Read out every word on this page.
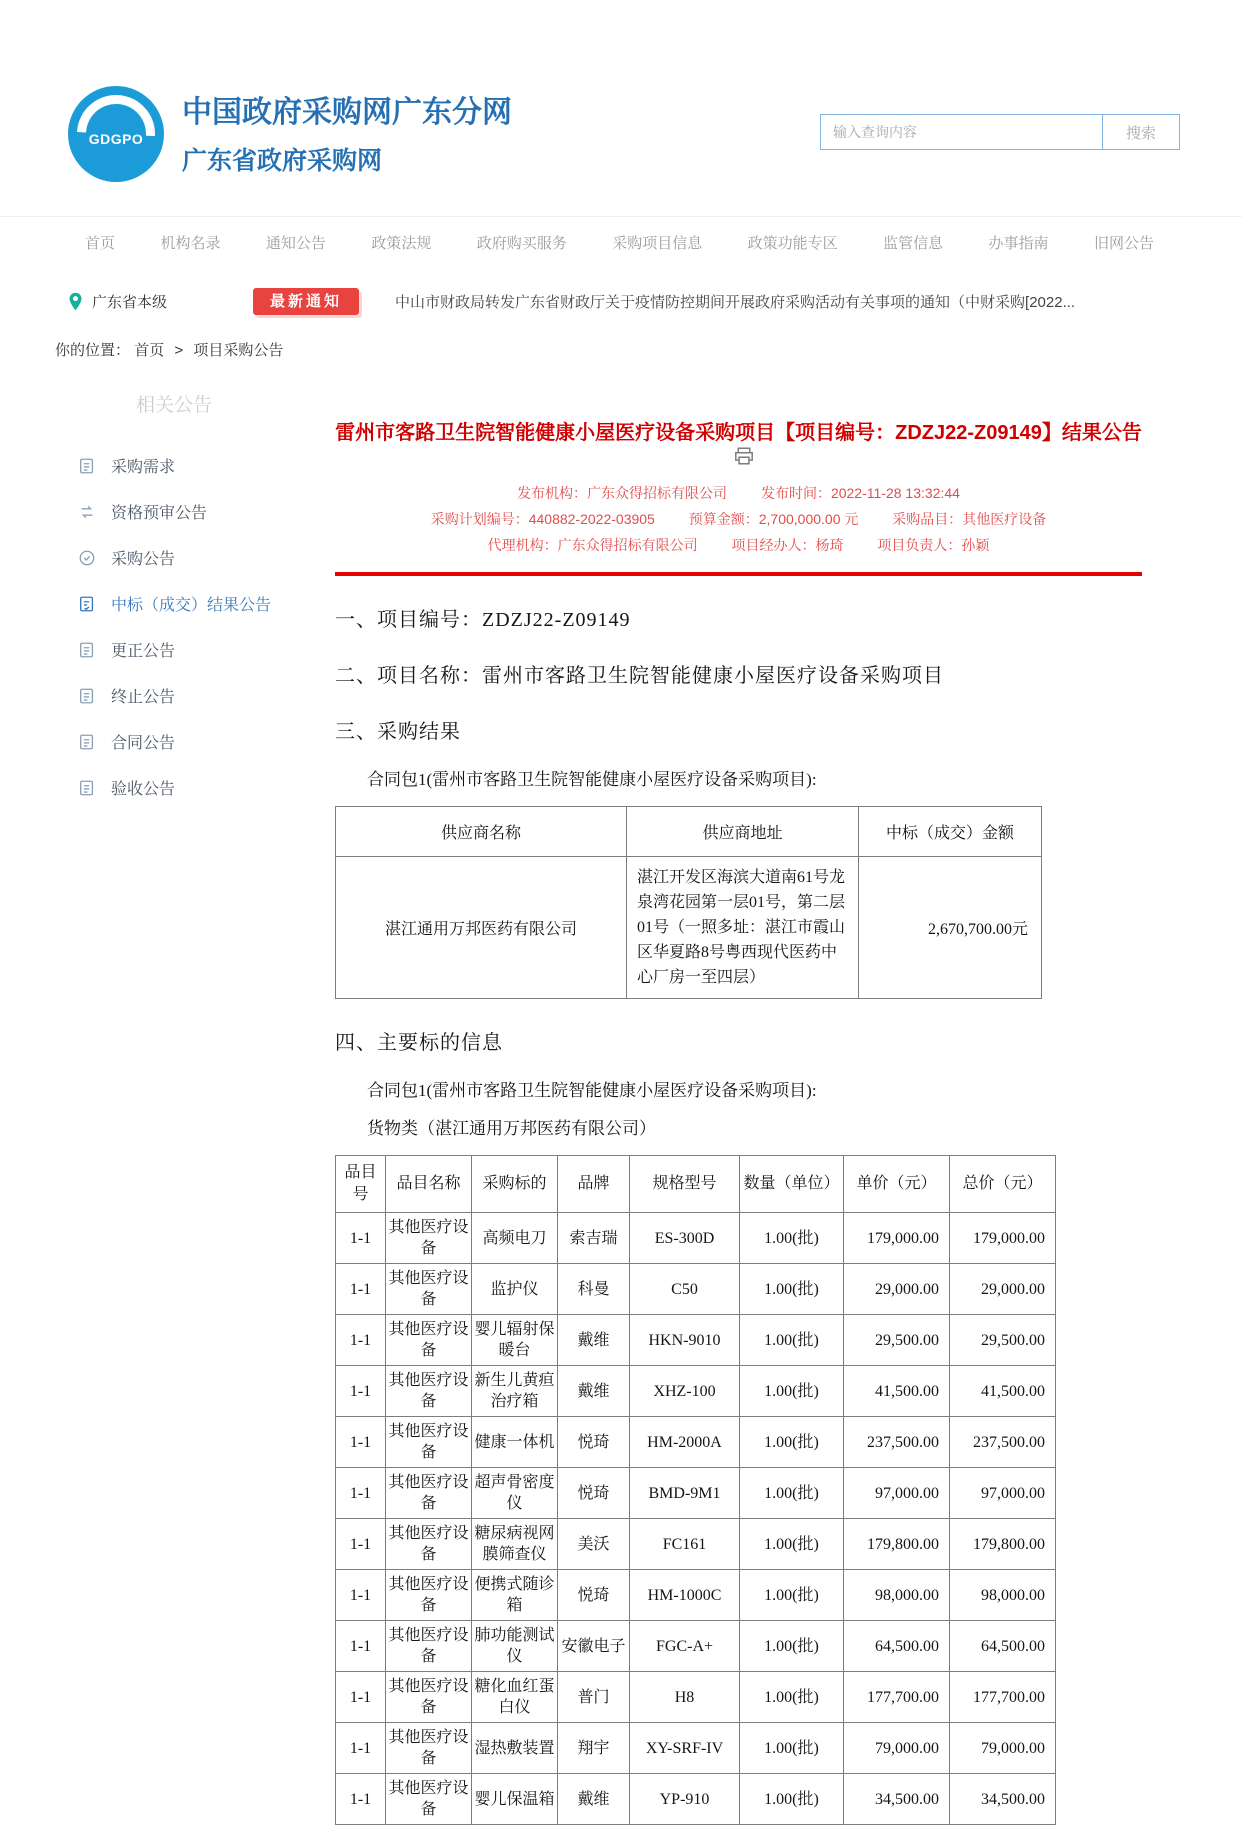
GDGPO
中国政府采购网广东分网
广东省政府采购网
输入查询内容
搜索
首页	机构名录	通知公告	政策法规	政府购买服务	采购项目信息	政策功能专区	监管信息	办事指南	旧网公告
广东省本级	最新通知	中山市财政局转发广东省财政厅关于疫情防控期间开展政府采购活动有关事项的通知（中财采购[2022...
你的位置： 首页 > 项目采购公告
相关公告
采购需求
资格预审公告
采购公告
中标（成交）结果公告
更正公告
终止公告
合同公告
验收公告
雷州市客路卫生院智能健康小屋医疗设备采购项目【项目编号：ZDZJ22-Z09149】结果公告
发布机构：广东众得招标有限公司 发布时间：2022-11-28 13:32:44
采购计划编号：440882-2022-03905 预算金额：2,700,000.00 元 采购品目：其他医疗设备
代理机构：广东众得招标有限公司 项目经办人：杨琦 项目负责人：孙颖
一、项目编号：ZDZJ22-Z09149
二、项目名称：雷州市客路卫生院智能健康小屋医疗设备采购项目
三、采购结果
合同包1(雷州市客路卫生院智能健康小屋医疗设备采购项目):
供应商名称	供应商地址	中标（成交）金额
湛江通用万邦医药有限公司	湛江开发区海滨大道南61号龙泉湾花园第一层01号，第二层01号（一照多址：湛江市霞山区华夏路8号粤西现代医药中心厂房一至四层）	2,670,700.00元
四、主要标的信息
合同包1(雷州市客路卫生院智能健康小屋医疗设备采购项目):
货物类（湛江通用万邦医药有限公司）
品目号	品目名称	采购标的	品牌	规格型号	数量（单位）	单价（元）	总价（元）
1-1	其他医疗设备	高频电刀	索吉瑞	ES-300D	1.00(批)	179,000.00	179,000.00
1-1	其他医疗设备	监护仪	科曼	C50	1.00(批)	29,000.00	29,000.00
1-1	其他医疗设备	婴儿辐射保暖台	戴维	HKN-9010	1.00(批)	29,500.00	29,500.00
1-1	其他医疗设备	新生儿黄疸治疗箱	戴维	XHZ-100	1.00(批)	41,500.00	41,500.00
1-1	其他医疗设备	健康一体机	悦琦	HM-2000A	1.00(批)	237,500.00	237,500.00
1-1	其他医疗设备	超声骨密度仪	悦琦	BMD-9M1	1.00(批)	97,000.00	97,000.00
1-1	其他医疗设备	糖尿病视网膜筛查仪	美沃	FC161	1.00(批)	179,800.00	179,800.00
1-1	其他医疗设备	便携式随诊箱	悦琦	HM-1000C	1.00(批)	98,000.00	98,000.00
1-1	其他医疗设备	肺功能测试仪	安徽电子	FGC-A+	1.00(批)	64,500.00	64,500.00
1-1	其他医疗设备	糖化血红蛋白仪	普门	H8	1.00(批)	177,700.00	177,700.00
1-1	其他医疗设备	湿热敷装置	翔宇	XY-SRF-IV	1.00(批)	79,000.00	79,000.00
1-1	其他医疗设备	婴儿保温箱	戴维	YP-910	1.00(批)	34,500.00	34,500.00
